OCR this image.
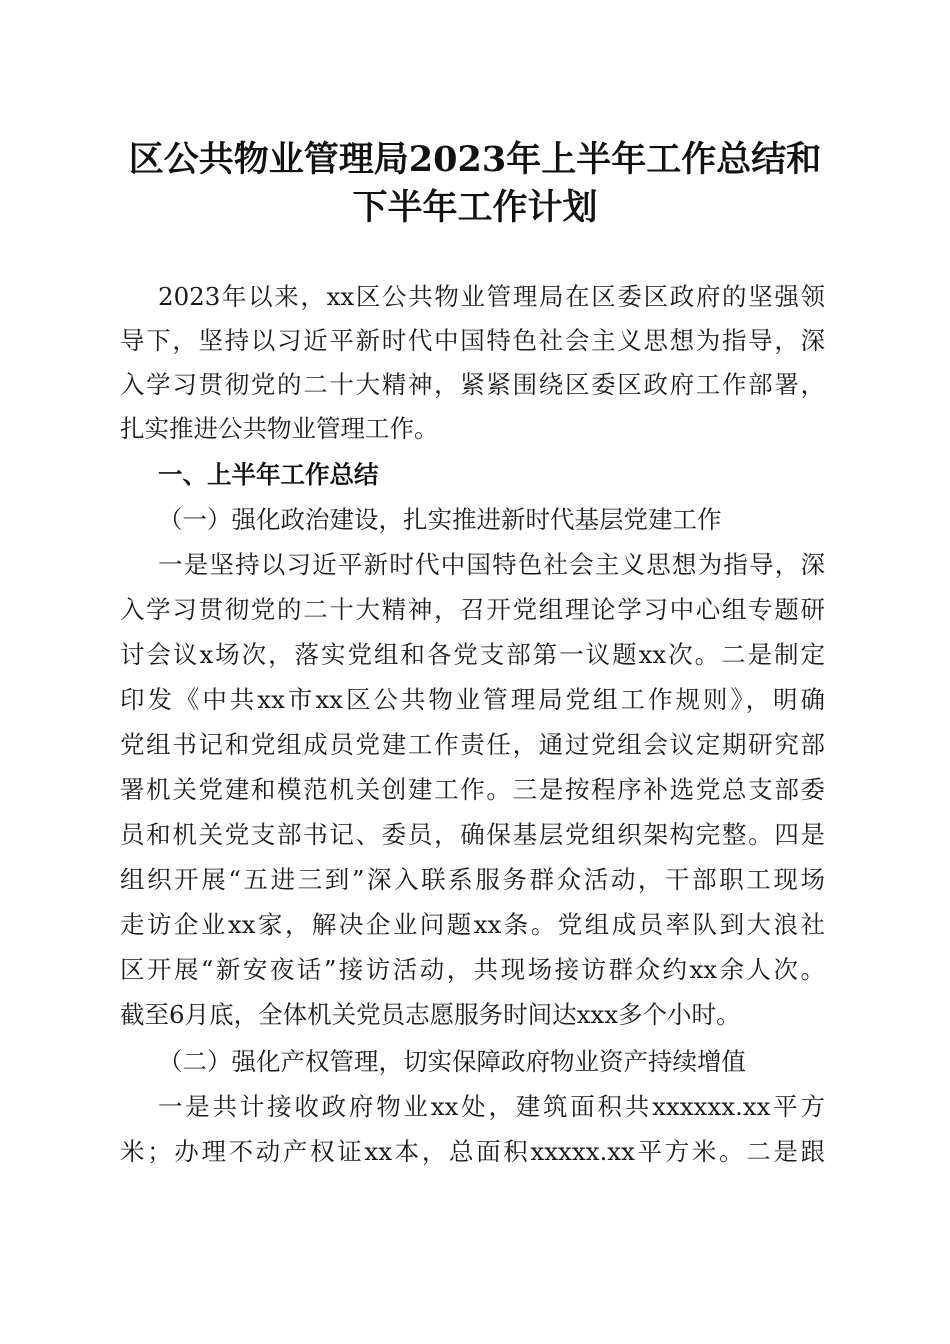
区公共物业管理局2023年上半年工作总结和
下半年工作计划
2023年以来，xx区公共物业管理局在区委区政府的坚强领
导下，坚持以习近平新时代中国特色社会主义思想为指导，深
入学习贯彻党的二十大精神，紧紧围绕区委区政府工作部署，
扎实推进公共物业管理工作。
一、上半年工作总结
（一）强化政治建设，扎实推进新时代基层党建工作
一是坚持以习近平新时代中国特色社会主义思想为指导，深
入学习贯彻党的二十大精神，召开党组理论学习中心组专题研
讨会议x场次，落实党组和各党支部第一议题xx次。二是制定
印发《中共xx市xx区公共物业管理局党组工作规则》，明确
党组书记和党组成员党建工作责任，通过党组会议定期研究部
署机关党建和模范机关创建工作。三是按程序补选党总支部委
员和机关党支部书记、委员，确保基层党组织架构完整。四是
组织开展“五进三到”深入联系服务群众活动，干部职工现场
走访企业xx家，解决企业问题xx条。党组成员率队到大浪社
区开展“新安夜话”接访活动，共现场接访群众约xx余人次。
截至6月底，全体机关党员志愿服务时间达xxx多个小时。
（二）强化产权管理，切实保障政府物业资产持续增值
一是共计接收政府物业xx处，建筑面积共xxxxxx.xx平方
米；办理不动产权证xx本，总面积xxxxx.xx平方米。二是跟
